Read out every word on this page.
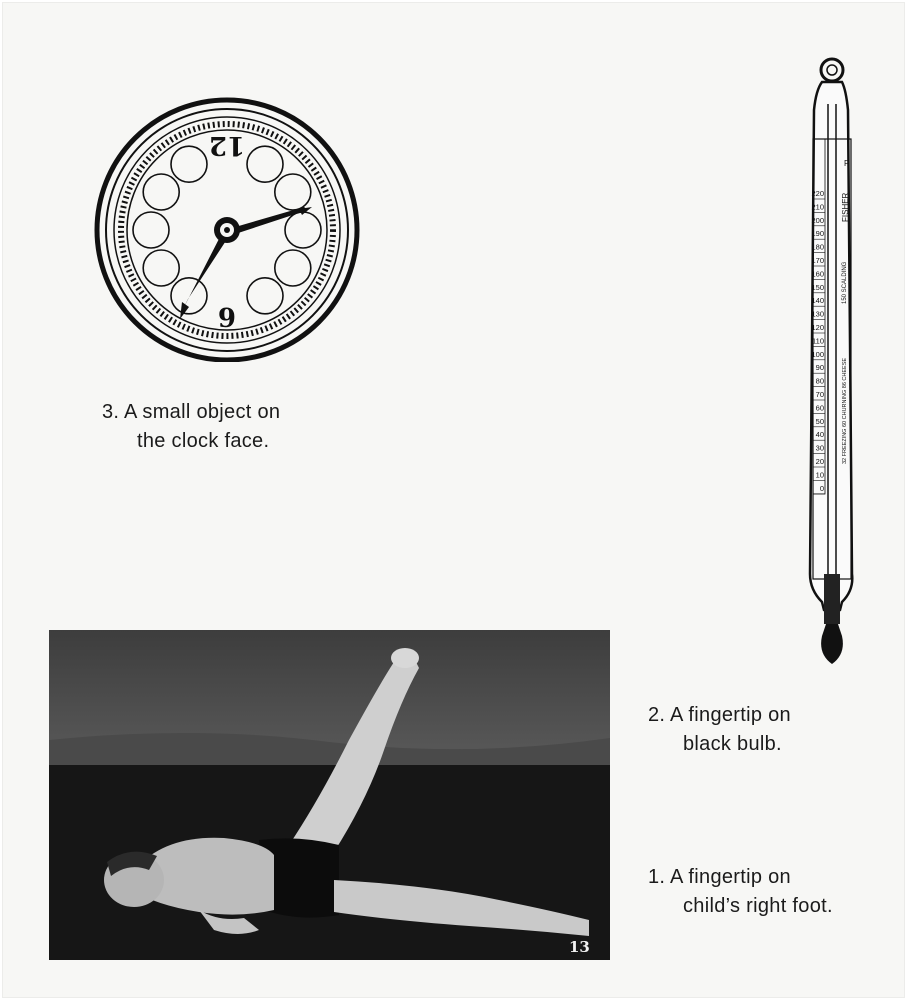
12
6
3. A small object on
the clock face.
220
210
200
190
180
170
160
150
140
130
120
110
100
90
80
70
60
50
40
30
20
10
0
F
FISHER
150 SCALDING
32 FREEZING 60 CHURNING 86 CHEESE
2. A fingertip on
black bulb.
13
1. A fingertip on
child’s right foot.
